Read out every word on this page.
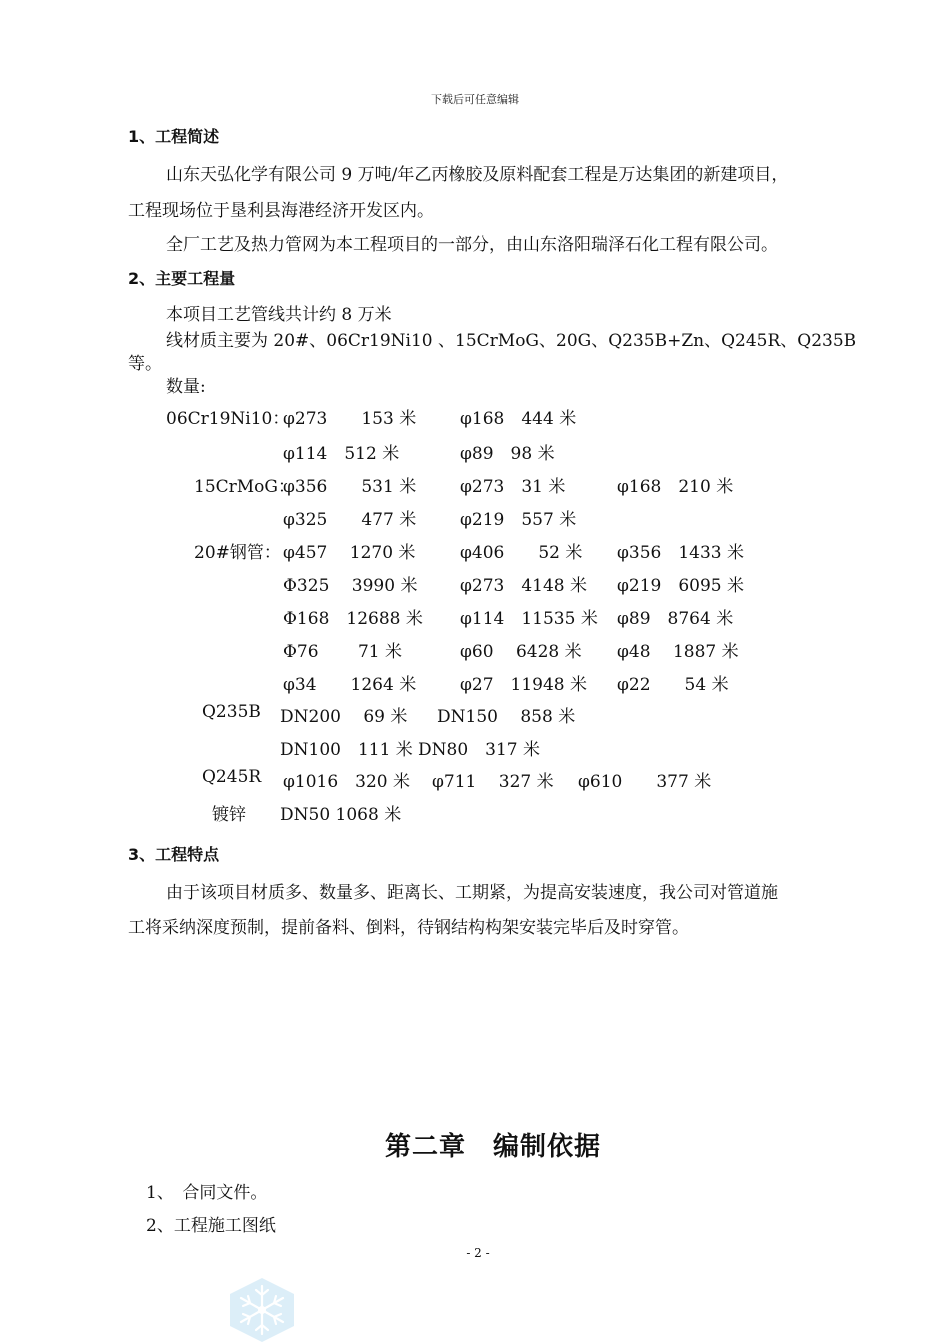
下载后可任意编辑
1、工程简述
山东天弘化学有限公司 9 万吨/年乙丙橡胶及原料配套工程是万达集团的新建项目，
工程现场位于垦利县海港经济开发区内。
全厂工艺及热力管网为本工程项目的一部分，由山东洛阳瑞泽石化工程有限公司。
2、主要工程量
本项目工艺管线共计约 8 万米
线材质主要为 20#、06Cr19Ni10 、15CrMoG、20G、Q235B+Zn、Q245R、Q235B
等。
数量:
06Cr19Ni10：
φ273　　153 米	φ168　444 米
φ114　512 米	φ89　98 米
15CrMoG：
φ356　　531 米	φ273　31 米	φ168　210 米
φ325　　477 米	φ219　557 米
20#钢管： φ457　 1270 米	φ406　　52 米 φ356　1433 米
Φ325　 3990 米	φ273　4148 米 φ219　6095 米
Φ168　12688 米 φ114　11535 米 φ89　8764 米
Φ76　　 71 米	φ60　 6428 米 φ48　 1887 米
φ34　　1264 米	φ27　11948 米 φ22　　54 米
Q235B DN200　 69 米 DN150　 858 米
DN100　111 米 DN80　317 米
Q245R φ1016　320 米 φ711　 327 米 φ610　　377 米
镀锌 DN50 1068 米
3、工程特点
由于该项目材质多、数量多、距离长、工期紧，为提高安装速度，我公司对管道施
工将采纳深度预制，提前备料、倒料，待钢结构构架安装完毕后及时穿管。
第二章　编制依据
1、　合同文件。
2、工程施工图纸
- 2 -
